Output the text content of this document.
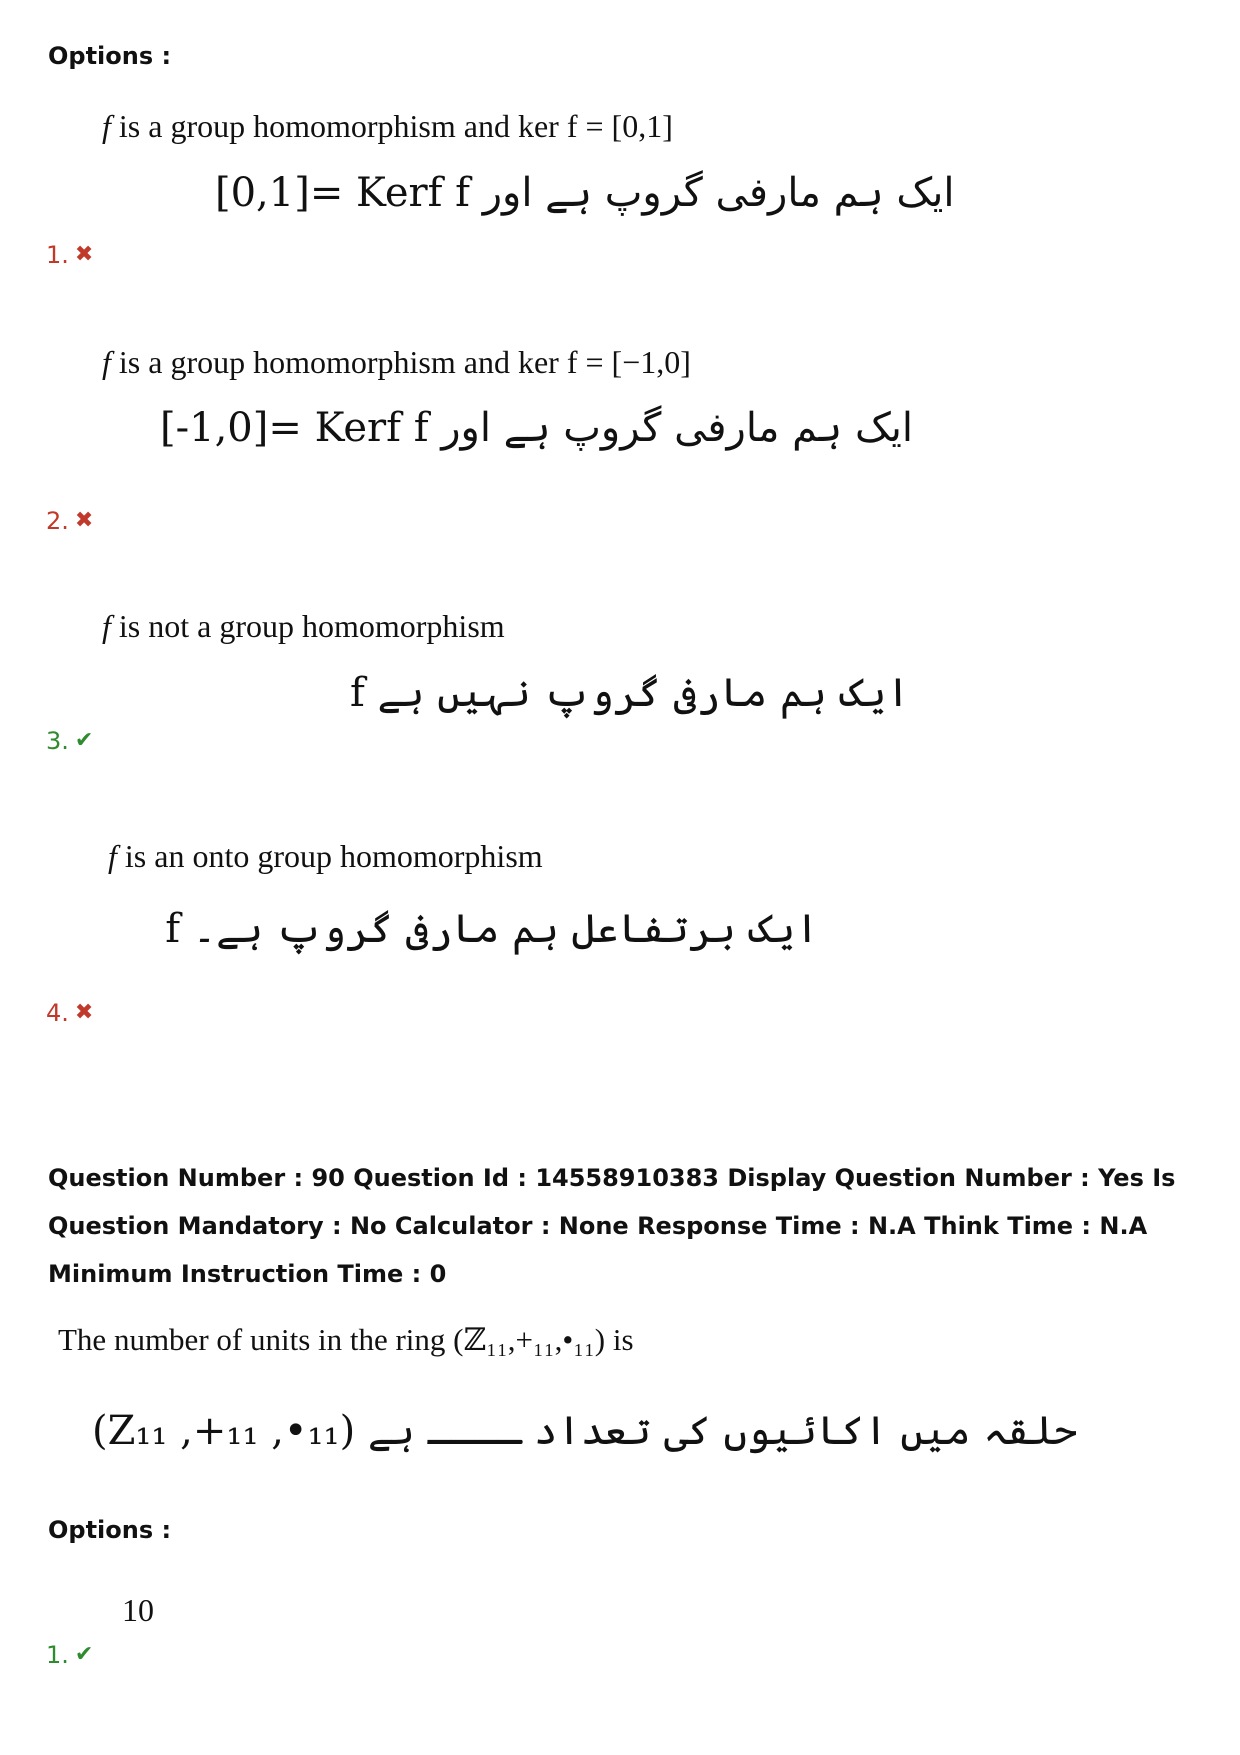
Options :
f is a group homomorphism and ker f = [0,1]
[0,1]= Kerf f ایک ہم مارفی گروپ ہے اور
1. ✖
f is a group homomorphism and ker f = [−1,0]
[-1,0]= Kerf f ایک ہم مارفی گروپ ہے اور
2. ✖
f is not a group homomorphism
f ایک ہم مارفی گروپ نہیں ہے
3. ✔
f is an onto group homomorphism
f ایک برتفاعل ہم مارفی گروپ ہے۔
4. ✖
Question Number : 90 Question Id : 14558910383 Display Question Number : Yes Is Question Mandatory : No Calculator : None Response Time : N.A Think Time : N.A Minimum Instruction Time : 0
The number of units in the ring (ℤ₁₁,+₁₁,•₁₁) is
(Z₁₁ ,+₁₁ ,•₁₁) حلقہ میں اکائیوں کی تعداد ــــ ہے
Options :
10
1. ✔
